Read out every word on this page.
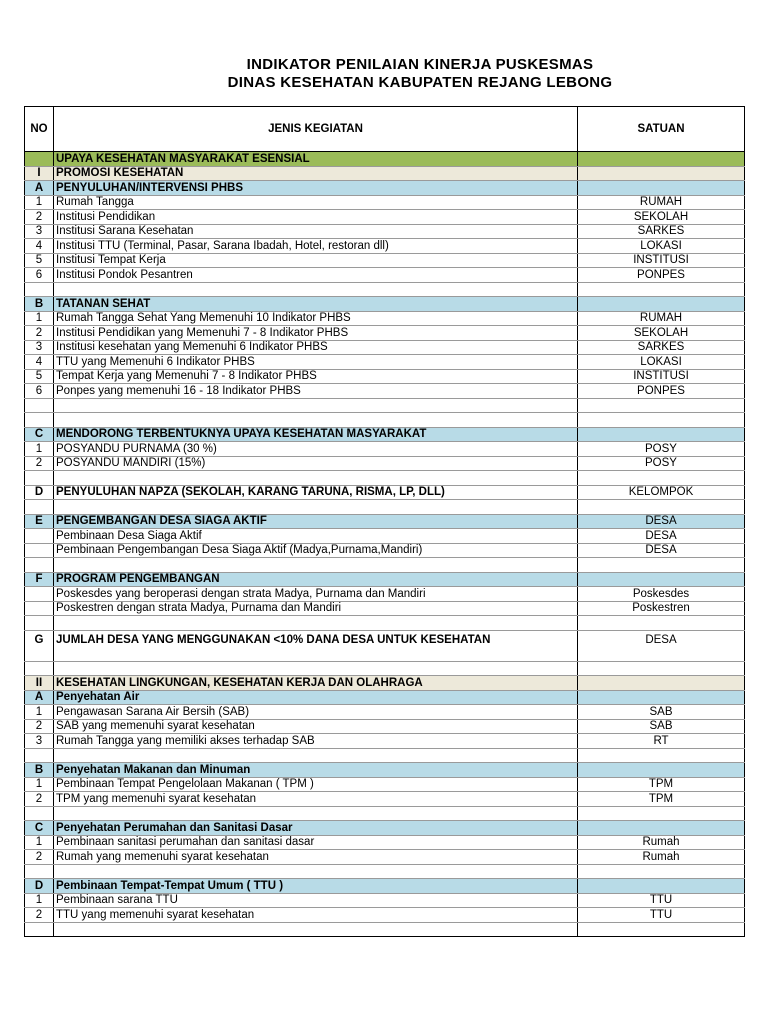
INDIKATOR PENILAIAN KINERJA PUSKESMAS
DINAS KESEHATAN KABUPATEN REJANG LEBONG
NO	JENIS KEGIATAN	SATUAN
	UPAYA KESEHATAN MASYARAKAT ESENSIAL	
I	PROMOSI KESEHATAN	
A	PENYULUHAN/INTERVENSI PHBS	
1	Rumah Tangga	RUMAH
2	Institusi Pendidikan	SEKOLAH
3	Institusi Sarana Kesehatan	SARKES
4	Institusi TTU (Terminal, Pasar, Sarana Ibadah, Hotel, restoran dll)	LOKASI
5	Institusi Tempat Kerja	INSTITUSI
6	Institusi Pondok Pesantren	PONPES

B	TATANAN SEHAT	
1	Rumah Tangga Sehat Yang Memenuhi 10 Indikator PHBS	RUMAH
2	Institusi Pendidikan yang Memenuhi 7 - 8 Indikator PHBS	SEKOLAH
3	Institusi kesehatan yang Memenuhi 6 Indikator PHBS	SARKES
4	TTU yang Memenuhi 6 Indikator PHBS	LOKASI
5	Tempat Kerja yang Memenuhi 7 - 8 Indikator PHBS	INSTITUSI
6	Ponpes yang memenuhi 16 - 18 Indikator PHBS	PONPES

C	MENDORONG TERBENTUKNYA UPAYA KESEHATAN MASYARAKAT	
1	POSYANDU PURNAMA (30 %)	POSY
2	POSYANDU MANDIRI (15%)	POSY

D	PENYULUHAN NAPZA (SEKOLAH, KARANG TARUNA, RISMA, LP, DLL)	KELOMPOK

E	PENGEMBANGAN DESA SIAGA AKTIF	DESA
	Pembinaan Desa Siaga Aktif	DESA
	Pembinaan Pengembangan Desa Siaga Aktif (Madya,Purnama,Mandiri)	DESA

F	PROGRAM PENGEMBANGAN	
	Poskesdes yang beroperasi dengan strata Madya, Purnama dan Mandiri	Poskesdes
	Poskestren dengan strata Madya, Purnama dan Mandiri	Poskestren

G	JUMLAH DESA YANG MENGGUNAKAN <10% DANA DESA UNTUK KESEHATAN	DESA

II	KESEHATAN LINGKUNGAN, KESEHATAN KERJA DAN OLAHRAGA	
A	Penyehatan Air	
1	Pengawasan Sarana Air Bersih (SAB)	SAB
2	SAB yang memenuhi syarat kesehatan	SAB
3	Rumah Tangga yang memiliki akses terhadap SAB	RT

B	Penyehatan Makanan dan Minuman	
1	Pembinaan Tempat Pengelolaan Makanan ( TPM )	TPM
2	TPM yang memenuhi syarat kesehatan	TPM

C	Penyehatan Perumahan dan Sanitasi Dasar	
1	Pembinaan sanitasi perumahan dan sanitasi dasar	Rumah
2	Rumah yang memenuhi syarat kesehatan	Rumah

D	Pembinaan Tempat-Tempat Umum ( TTU )	
1	Pembinaan sarana TTU	TTU
2	TTU yang memenuhi syarat kesehatan	TTU
